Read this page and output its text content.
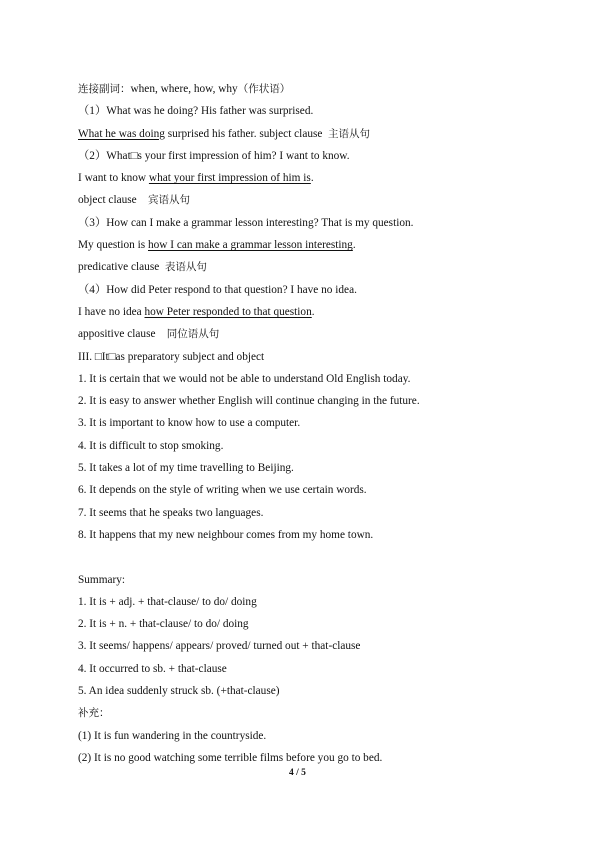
连接副词：when, where, how, why（作状语）
（1）What was he doing? His father was surprised.
What he was doing surprised his father. subject clause  主语从句
（2）What□s your first impression of him? I want to know.
I want to know what your first impression of him is.
object clause    宾语从句
（3）How can I make a grammar lesson interesting? That is my question.
My question is how I can make a grammar lesson interesting.
predicative clause  表语从句
（4）How did Peter respond to that question? I have no idea.
I have no idea how Peter responded to that question.
appositive clause    同位语从句
III. □It□as preparatory subject and object
1. It is certain that we would not be able to understand Old English today.
2. It is easy to answer whether English will continue changing in the future.
3. It is important to know how to use a computer.
4. It is difficult to stop smoking.
5. It takes a lot of my time travelling to Beijing.
6. It depends on the style of writing when we use certain words.
7. It seems that he speaks two languages.
8. It happens that my new neighbour comes from my home town.
Summary:
1. It is + adj. + that-clause/ to do/ doing
2. It is + n. + that-clause/ to do/ doing
3. It seems/ happens/ appears/ proved/ turned out + that-clause
4. It occurred to sb. + that-clause
5. An idea suddenly struck sb. (+that-clause)
补充：
(1) It is fun wandering in the countryside.
(2) It is no good watching some terrible films before you go to bed.
4 / 5
